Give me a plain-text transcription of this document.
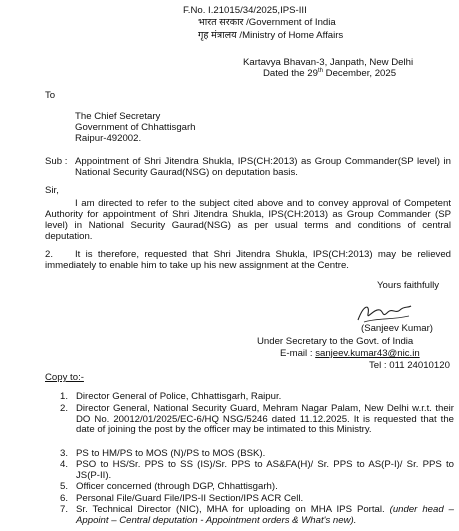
F.No. I.21015/34/2025,IPS-III
भारत सरकार /Government of India
गृह मंत्रालय /Ministry of Home Affairs
Kartavya Bhavan-3, Janpath, New Delhi
Dated the 29th December, 2025
To
The Chief Secretary
Government of Chhattisgarh
Raipur-492002.
Sub : Appointment of Shri Jitendra Shukla, IPS(CH:2013) as Group Commander(SP level) in National Security Gaurad(NSG) on deputation basis.
Sir,
I am directed to refer to the subject cited above and to convey approval of Competent Authority for appointment of Shri Jitendra Shukla, IPS(CH:2013) as Group Commander (SP level) in National Security Gaurad(NSG) as per usual terms and conditions of central deputation.
2.	It is therefore, requested that Shri Jitendra Shukla, IPS(CH:2013) may be relieved immediately to enable him to take up his new assignment at the Centre.
Yours faithfully
(Sanjeev Kumar)
Under Secretary to the Govt. of India
E-mail : sanjeev.kumar43@nic.in
Tel : 011 24010120
Copy to:-
1. Director General of Police, Chhattisgarh, Raipur.
2. Director General, National Security Guard, Mehram Nagar Palam, New Delhi w.r.t. their DO No. 20012/01/2025/EC-6/HQ NSG/5246 dated 11.12.2025. It is requested that the date of joining the post by the officer may be intimated to this Ministry.
3. PS to HM/PS to MOS (N)/PS to MOS (BSK).
4. PSO to HS/Sr. PPS to SS (IS)/Sr. PPS to AS&FA(H)/ Sr. PPS to AS(P-I)/ Sr. PPS to JS(P-II).
5. Officer concerned (through DGP, Chhattisgarh).
6. Personal File/Guard File/IPS-II Section/IPS ACR Cell.
7. Sr. Technical Director (NIC), MHA for uploading on MHA IPS Portal. (under head – Appoint – Central deputation - Appointment orders & What's new).
